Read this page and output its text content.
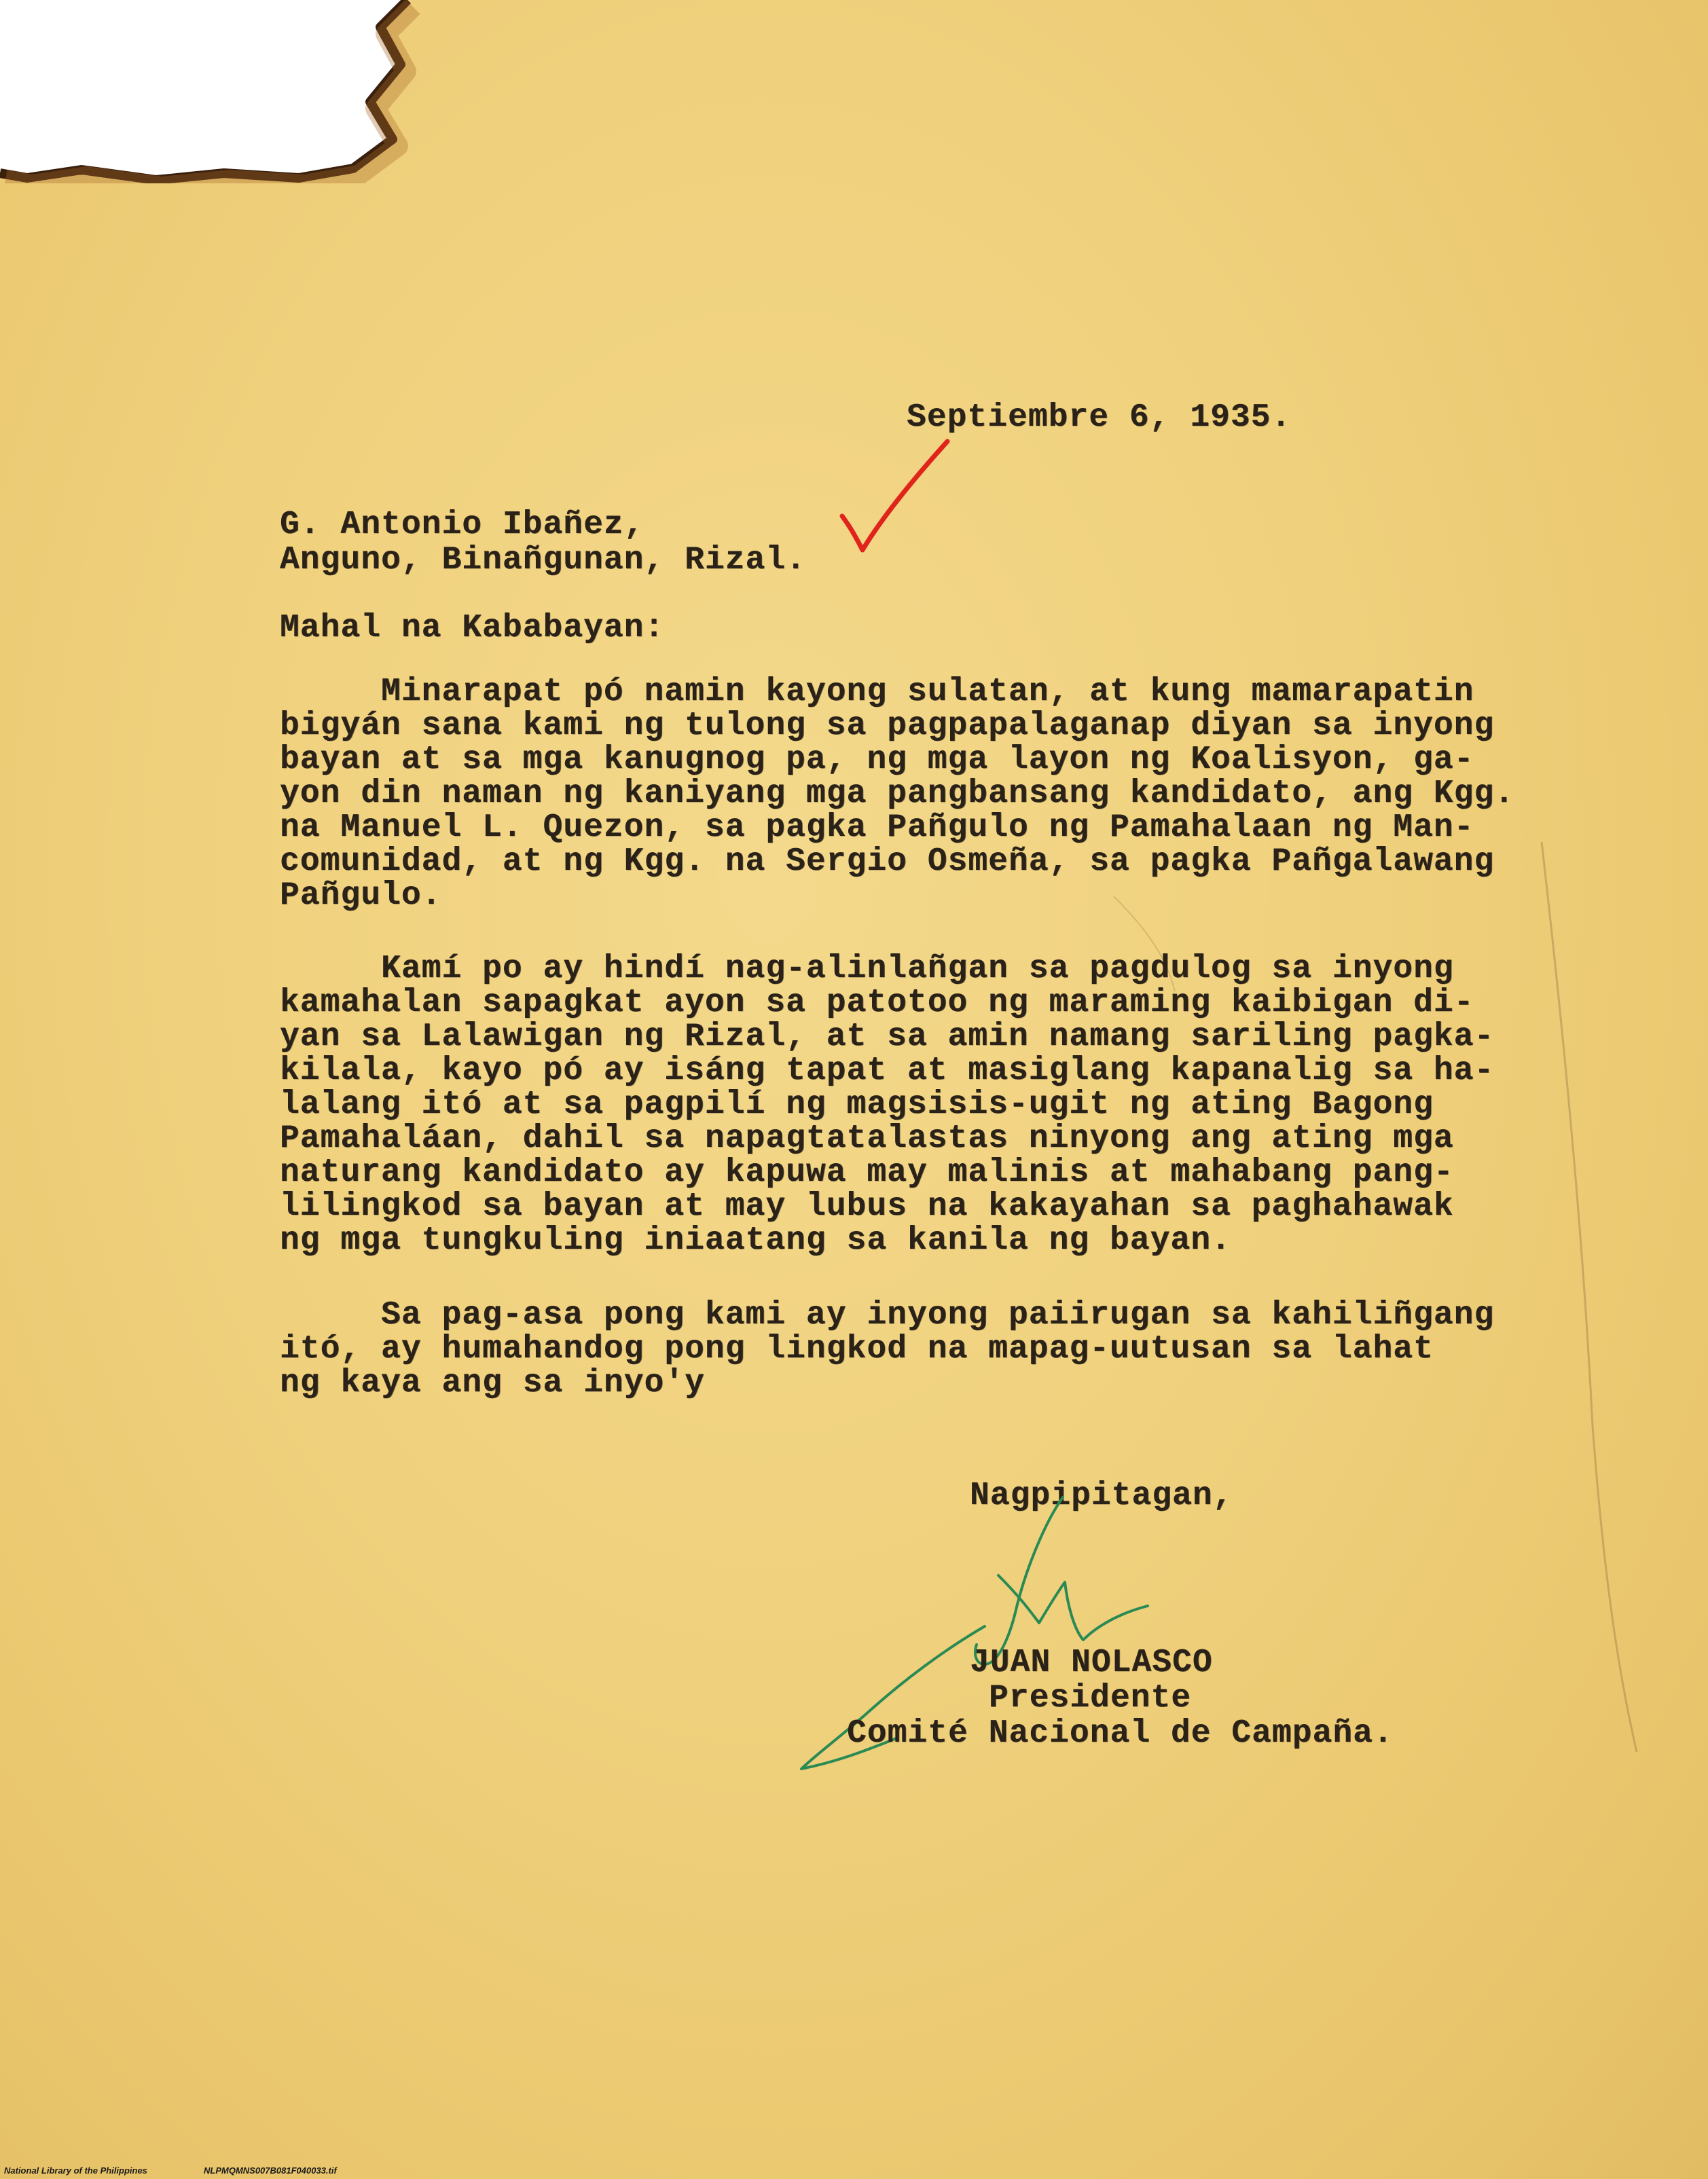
Septiembre 6, 1935.
G. Antonio Ibañez,
Anguno, Binañgunan, Rizal.
Mahal na Kababayan:
Minarapat pó namin kayong sulatan, at kung mamarapatin
bigyán sana kami ng tulong sa pagpapalaganap diyan sa inyong
bayan at sa mga kanugnog pa, ng mga layon ng Koalisyon, ga-
yon din naman ng kaniyang mga pangbansang kandidato, ang Kgg.
na Manuel L. Quezon, sa pagka Pañgulo ng Pamahalaan ng Man-
comunidad, at ng Kgg. na Sergio Osmeña, sa pagka Pañgalawang
Pañgulo.
Kamí po ay hindí nag-alinlañgan sa pagdulog sa inyong
kamahalan sapagkat ayon sa patotoo ng maraming kaibigan di-
yan sa Lalawigan ng Rizal, at sa amin namang sariling pagka-
kilala, kayo pó ay isáng tapat at masiglang kapanalig sa ha-
lalang itó at sa pagpilí ng magsisis-ugit ng ating Bagong
Pamahaláan, dahil sa napagtatalastas ninyong ang ating mga
naturang kandidato ay kapuwa may malinis at mahabang pang-
lilingkod sa bayan at may lubus na kakayahan sa paghahawak
ng mga tungkuling iniaatang sa kanila ng bayan.
Sa pag-asa pong kami ay inyong paiirugan sa kahiliñgang
itó, ay humahandog pong lingkod na mapag-uutusan sa lahat
ng kaya ang sa inyo'y
Nagpipitagan,
JUAN NOLASCO
Presidente
Comité Nacional de Campaña.
National Library of the Philippines	NLPMQMNS007B081F040033.tif
